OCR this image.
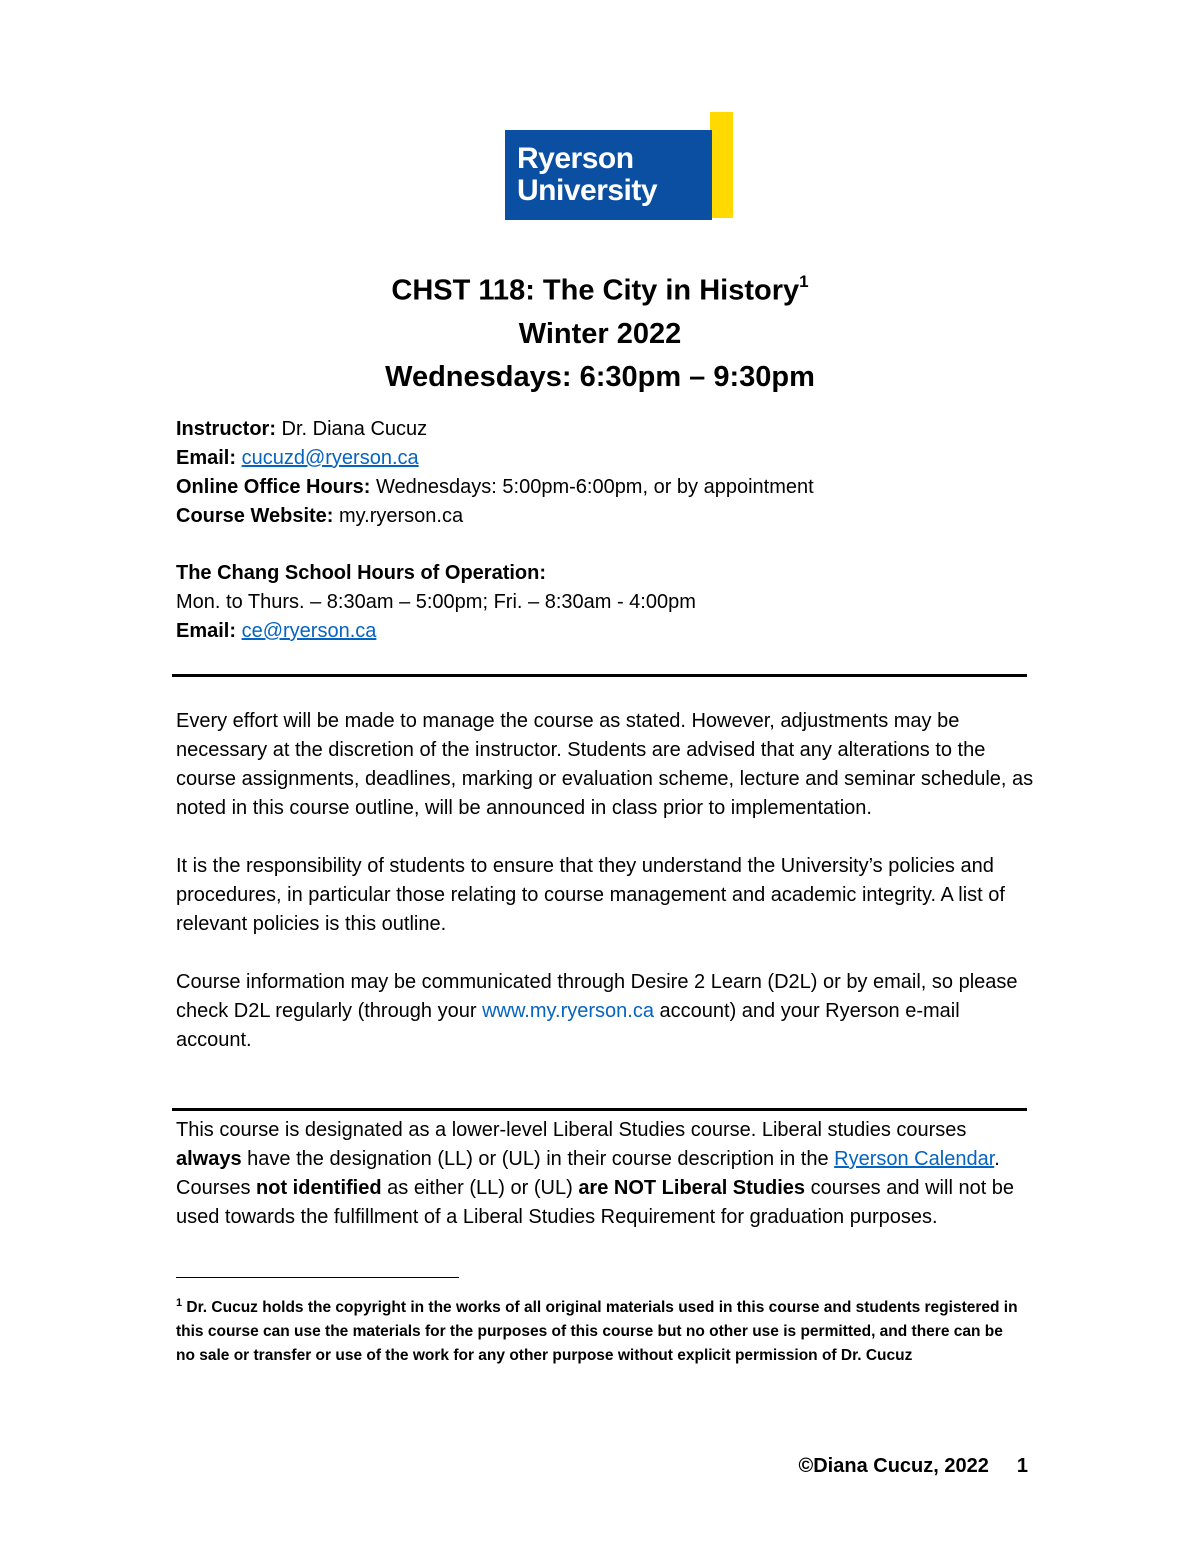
Ryerson
University
CHST 118: The City in History$^1$
Winter 2022
Wednesdays: 6:30pm – 9:30pm
Instructor: Dr. Diana Cucuz
Email: cucuzd@ryerson.ca
Online Office Hours: Wednesdays: 5:00pm-6:00pm, or by appointment
Course Website: my.ryerson.ca
The Chang School Hours of Operation:
Mon. to Thurs. – 8:30am – 5:00pm; Fri. – 8:30am - 4:00pm
Email: ce@ryerson.ca

Every effort will be made to manage the course as stated. However, adjustments may be necessary at the discretion of the instructor. Students are advised that any alterations to the course assignments, deadlines, marking or evaluation scheme, lecture and seminar schedule, as noted in this course outline, will be announced in class prior to implementation.

It is the responsibility of students to ensure that they understand the University’s policies and procedures, in particular those relating to course management and academic integrity. A list of relevant policies is this outline.

Course information may be communicated through Desire 2 Learn (D2L) or by email, so please check D2L regularly (through your www.my.ryerson.ca account) and your Ryerson e-mail account.

This course is designated as a lower-level Liberal Studies course. Liberal studies courses always have the designation (LL) or (UL) in their course description in the Ryerson Calendar. Courses not identified as either (LL) or (UL) are NOT Liberal Studies courses and will not be used towards the fulfillment of a Liberal Studies Requirement for graduation purposes.

$^1$ Dr. Cucuz holds the copyright in the works of all original materials used in this course and students registered in this course can use the materials for the purposes of this course but no other use is permitted, and there can be no sale or transfer or use of the work for any other purpose without explicit permission of Dr. Cucuz
©Diana Cucuz, 2022 1
